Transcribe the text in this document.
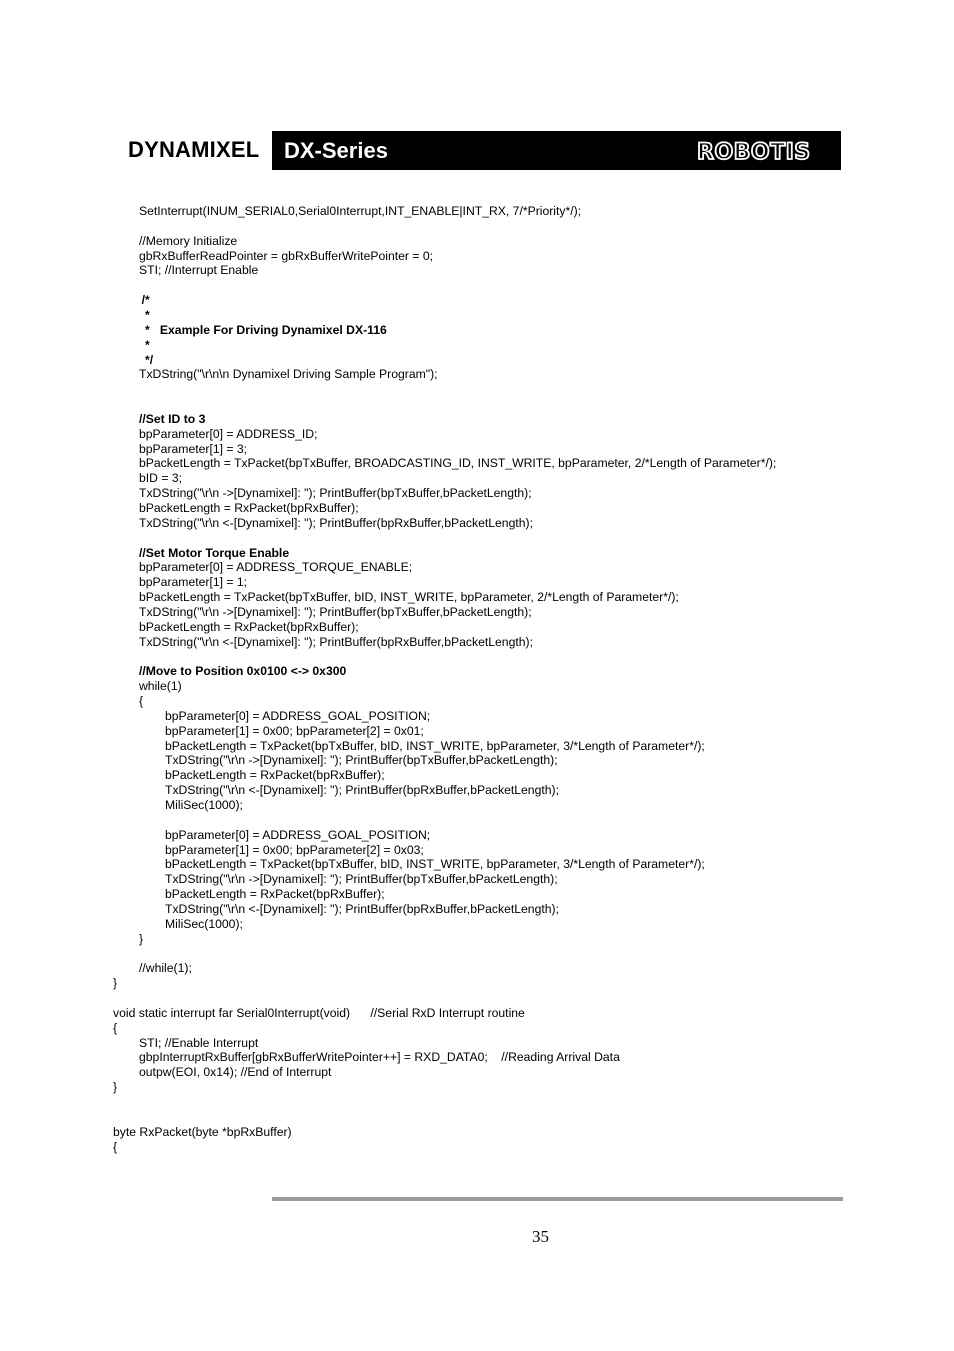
DYNAMIXEL DX-Series	ROBOTIS
SetInterrupt(INUM_SERIAL0,Serial0Interrupt,INT_ENABLE|INT_RX, 7/*Priority*/);
//Memory Initialize
gbRxBufferReadPointer = gbRxBufferWritePointer = 0;
STI; //Interrupt Enable
/*
*
*   Example For Driving Dynamixel DX-116
*
*/
TxDString("\r\n\n Dynamixel Driving Sample Program");
//Set ID to 3
bpParameter[0] = ADDRESS_ID;
bpParameter[1] = 3;
bPacketLength = TxPacket(bpTxBuffer, BROADCASTING_ID, INST_WRITE, bpParameter, 2/*Length of Parameter*/);
bID = 3;
TxDString("\r\n ->[Dynamixel]: "); PrintBuffer(bpTxBuffer,bPacketLength);
bPacketLength = RxPacket(bpRxBuffer);
TxDString("\r\n <-[Dynamixel]: "); PrintBuffer(bpRxBuffer,bPacketLength);
//Set Motor Torque Enable
bpParameter[0] = ADDRESS_TORQUE_ENABLE;
bpParameter[1] = 1;
bPacketLength = TxPacket(bpTxBuffer, bID, INST_WRITE, bpParameter, 2/*Length of Parameter*/);
TxDString("\r\n ->[Dynamixel]: "); PrintBuffer(bpTxBuffer,bPacketLength);
bPacketLength = RxPacket(bpRxBuffer);
TxDString("\r\n <-[Dynamixel]: "); PrintBuffer(bpRxBuffer,bPacketLength);
//Move to Position 0x0100 <-> 0x300
while(1)
{
bpParameter[0] = ADDRESS_GOAL_POSITION;
bpParameter[1] = 0x00; bpParameter[2] = 0x01;
bPacketLength = TxPacket(bpTxBuffer, bID, INST_WRITE, bpParameter, 3/*Length of Parameter*/);
TxDString("\r\n ->[Dynamixel]: "); PrintBuffer(bpTxBuffer,bPacketLength);
bPacketLength = RxPacket(bpRxBuffer);
TxDString("\r\n <-[Dynamixel]: "); PrintBuffer(bpRxBuffer,bPacketLength);
MiliSec(1000);
bpParameter[0] = ADDRESS_GOAL_POSITION;
bpParameter[1] = 0x00; bpParameter[2] = 0x03;
bPacketLength = TxPacket(bpTxBuffer, bID, INST_WRITE, bpParameter, 3/*Length of Parameter*/);
TxDString("\r\n ->[Dynamixel]: "); PrintBuffer(bpTxBuffer,bPacketLength);
bPacketLength = RxPacket(bpRxBuffer);
TxDString("\r\n <-[Dynamixel]: "); PrintBuffer(bpRxBuffer,bPacketLength);
MiliSec(1000);
}
//while(1);
}
void static interrupt far Serial0Interrupt(void)      //Serial RxD Interrupt routine
{
STI; //Enable Interrupt
gbpInterruptRxBuffer[gbRxBufferWritePointer++] = RXD_DATA0;    //Reading Arrival Data
outpw(EOI, 0x14); //End of Interrupt
}
byte RxPacket(byte *bpRxBuffer)
{
35
